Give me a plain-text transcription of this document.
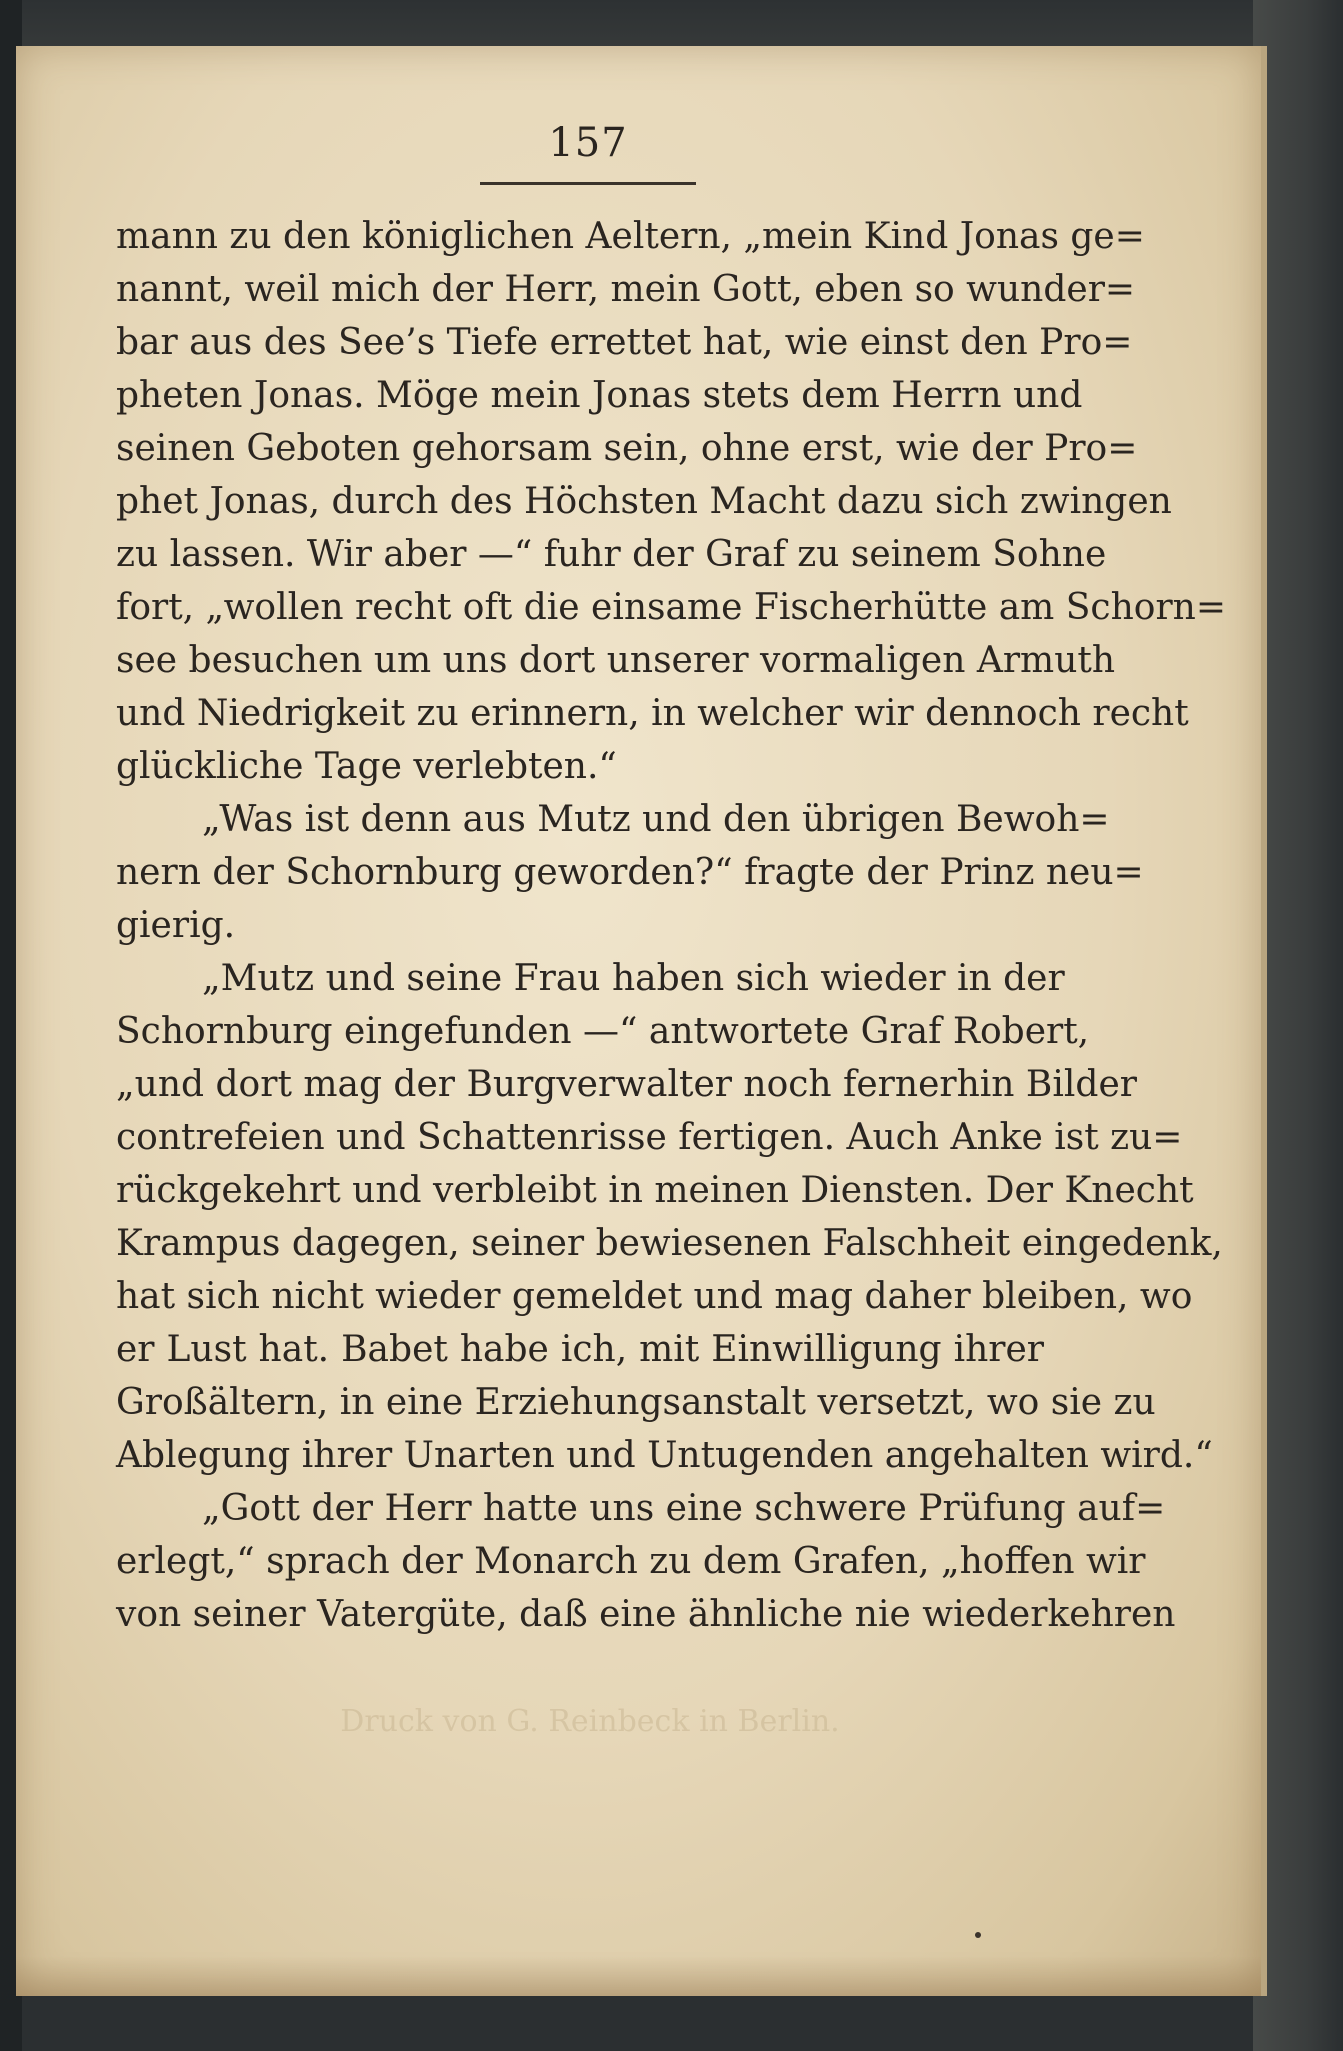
157
mann zu den königlichen Aeltern, „mein Kind Jonas ge=
nannt, weil mich der Herr, mein Gott, eben so wunder=
bar aus des See’s Tiefe errettet hat, wie einst den Pro=
pheten Jonas. Möge mein Jonas stets dem Herrn und
seinen Geboten gehorsam sein, ohne erst, wie der Pro=
phet Jonas, durch des Höchsten Macht dazu sich zwingen
zu lassen. Wir aber —“ fuhr der Graf zu seinem Sohne
fort, „wollen recht oft die einsame Fischerhütte am Schorn=
see besuchen um uns dort unserer vormaligen Armuth
und Niedrigkeit zu erinnern, in welcher wir dennoch recht
glückliche Tage verlebten.“
„Was ist denn aus Mutz und den übrigen Bewoh=
nern der Schornburg geworden?“ fragte der Prinz neu=
gierig.
„Mutz und seine Frau haben sich wieder in der
Schornburg eingefunden —“ antwortete Graf Robert,
„und dort mag der Burgverwalter noch fernerhin Bilder
contrefeien und Schattenrisse fertigen. Auch Anke ist zu=
rückgekehrt und verbleibt in meinen Diensten. Der Knecht
Krampus dagegen, seiner bewiesenen Falschheit eingedenk,
hat sich nicht wieder gemeldet und mag daher bleiben, wo
er Lust hat. Babet habe ich, mit Einwilligung ihrer
Großältern, in eine Erziehungsanstalt versetzt, wo sie zu
Ablegung ihrer Unarten und Untugenden angehalten wird.“
„Gott der Herr hatte uns eine schwere Prüfung auf=
erlegt,“ sprach der Monarch zu dem Grafen, „hoffen wir
von seiner Vatergüte, daß eine ähnliche nie wiederkehren
Druck von G. Reinbeck in Berlin.
